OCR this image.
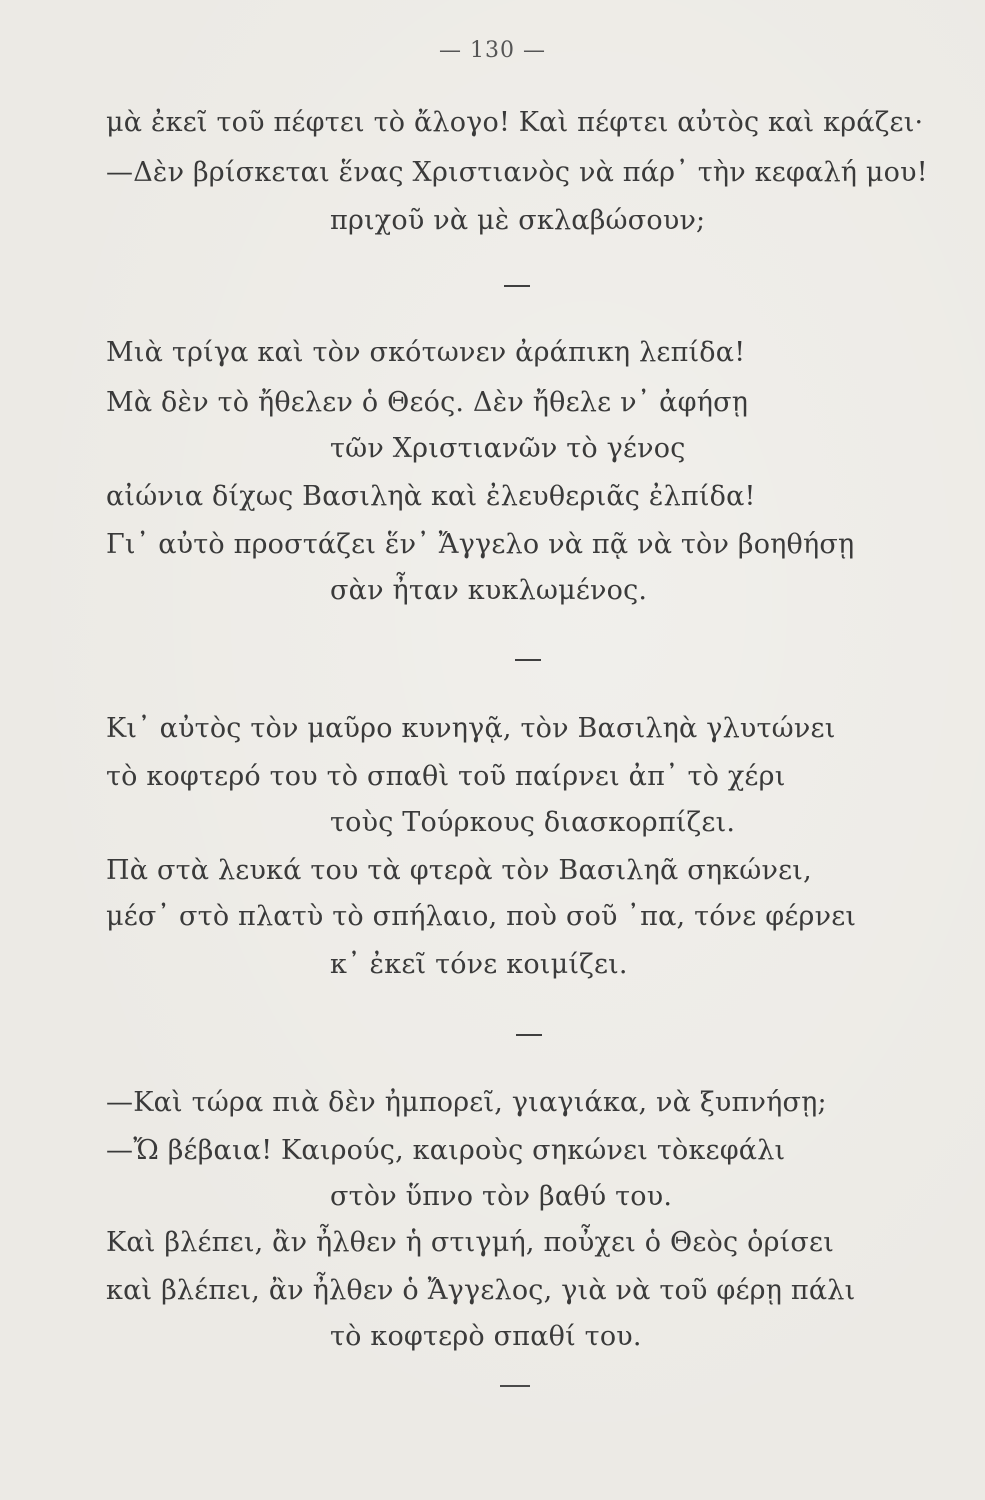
— 130 —
μὰ ἐκεῖ τοῦ πέφτει τὸ ἄλογο! Καὶ πέφτει αὐτὸς καὶ κράζει·
—Δὲν βρίσκεται ἕνας Χριστιανὸς νὰ πάρ᾽ τὴν κεφαλή μου!
πριχοῦ νὰ μὲ σκλαβώσουν;
Μιὰ τρίγα καὶ τὸν σκότωνεν ἀράπικη λεπίδα!
Μὰ δὲν τὸ ἤθελεν ὁ Θεός. Δὲν ἤθελε ν᾽ ἀφήσῃ
τῶν Χριστιανῶν τὸ γένος
αἰώνια δίχως Βασιληὰ καὶ ἐλευθεριᾶς ἐλπίδα!
Γι᾽ αὐτὸ προστάζει ἕν᾽ Ἄγγελο νὰ πᾷ νὰ τὸν βοηθήσῃ
σὰν ἦταν κυκλωμένος.
Κι᾽ αὐτὸς τὸν μαῦρο κυνηγᾷ, τὸν Βασιληὰ γλυτώνει
τὸ κοφτερό του τὸ σπαθὶ τοῦ παίρνει ἀπ᾽ τὸ χέρι
τοὺς Τούρκους διασκορπίζει.
Πὰ στὰ λευκά του τὰ φτερὰ τὸν Βασιληᾶ σηκώνει,
μέσ᾽ στὸ πλατὺ τὸ σπήλαιο, ποὺ σοῦ ᾽πα, τόνε φέρνει
κ᾽ ἐκεῖ τόνε κοιμίζει.
—Καὶ τώρα πιὰ δὲν ἠμπορεῖ, γιαγιάκα, νὰ ξυπνήσῃ;
—Ὤ βέβαια! Καιρούς, καιροὺς σηκώνει τὸκεφάλι
στὸν ὕπνο τὸν βαθύ του.
Καὶ βλέπει, ἂν ἦλθεν ἡ στιγμή, ποὖχει ὁ Θεὸς ὁρίσει
καὶ βλέπει, ἂν ἦλθεν ὁ Ἄγγελος, γιὰ νὰ τοῦ φέρῃ πάλι
τὸ κοφτερὸ σπαθί του.
